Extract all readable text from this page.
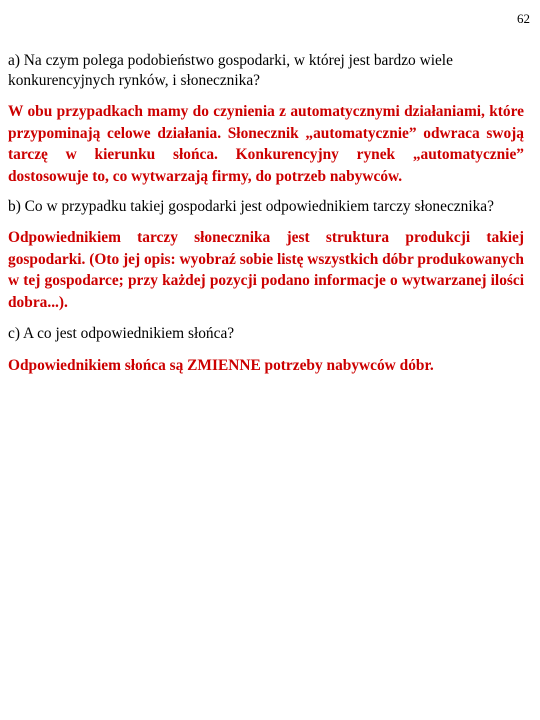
62

a) Na czym polega podobieństwo gospodarki, w której jest bardzo wiele konkurencyjnych rynków, i słonecznika?

W obu przypadkach mamy do czynienia z automatycznymi działaniami, które przypominają celowe działania. Słonecznik „automatycznie” odwraca swoją tarczę w kierunku słońca. Konkurencyjny rynek „automatycznie” dostosowuje to, co wytwarzają firmy, do potrzeb nabywców.

b) Co w przypadku takiej gospodarki jest odpowiednikiem tarczy słonecznika?

Odpowiednikiem tarczy słonecznika jest struktura produkcji takiej gospodarki. (Oto jej opis: wyobraź sobie listę wszystkich dóbr produkowanych w tej gospodarce; przy każdej pozycji podano informacje o wytwarzanej ilości dobra...).

c) A co jest odpowiednikiem słońca?

Odpowiednikiem słońca są ZMIENNE potrzeby nabywców dóbr.
